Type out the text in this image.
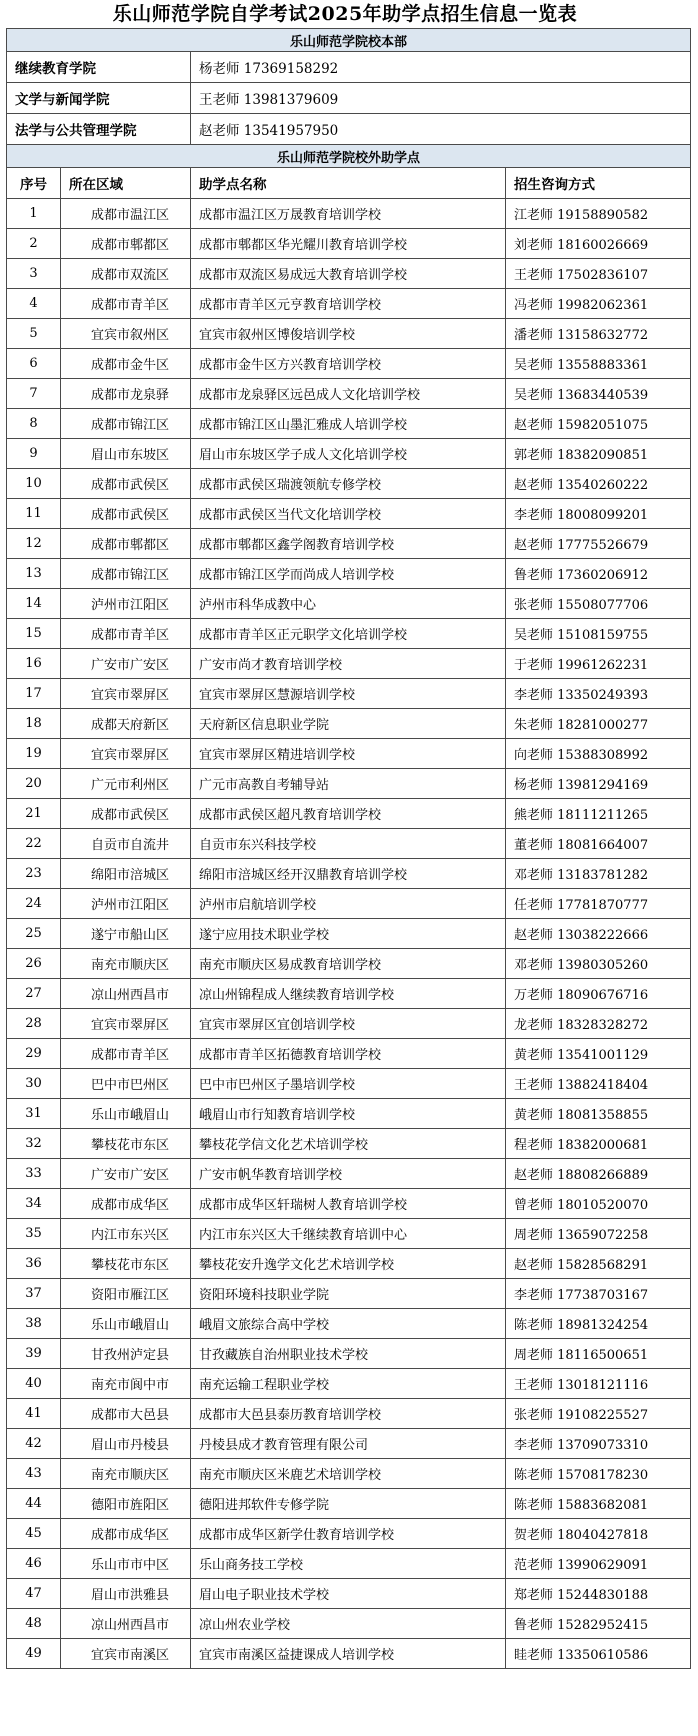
乐山师范学院自学考试2025年助学点招生信息一览表
乐山师范学院校本部	
继续教育学院	杨老师 17369158292
文学与新闻学院	王老师 13981379609
法学与公共管理学院	赵老师 13541957950
乐山师范学院校外助学点	
序号	所在区域	助学点名称	招生咨询方式
1	成都市温江区	成都市温江区万晟教育培训学校	江老师 19158890582
2	成都市郫都区	成都市郫都区华光耀川教育培训学校	刘老师 18160026669
3	成都市双流区	成都市双流区易成远大教育培训学校	王老师 17502836107
4	成都市青羊区	成都市青羊区元亨教育培训学校	冯老师 19982062361
5	宜宾市叙州区	宜宾市叙州区博俊培训学校	潘老师 13158632772
6	成都市金牛区	成都市金牛区方兴教育培训学校	吴老师 13558883361
7	成都市龙泉驿	成都市龙泉驿区远邑成人文化培训学校	吴老师 13683440539
8	成都市锦江区	成都市锦江区山墨汇雅成人培训学校	赵老师 15982051075
9	眉山市东坡区	眉山市东坡区学子成人文化培训学校	郭老师 18382090851
10	成都市武侯区	成都市武侯区瑞渡领航专修学校	赵老师 13540260222
11	成都市武侯区	成都市武侯区当代文化培训学校	李老师 18008099201
12	成都市郫都区	成都市郫都区鑫学阁教育培训学校	赵老师 17775526679
13	成都市锦江区	成都市锦江区学而尚成人培训学校	鲁老师 17360206912
14	泸州市江阳区	泸州市科华成教中心	张老师 15508077706
15	成都市青羊区	成都市青羊区正元职学文化培训学校	吴老师 15108159755
16	广安市广安区	广安市尚才教育培训学校	于老师 19961262231
17	宜宾市翠屏区	宜宾市翠屏区慧源培训学校	李老师 13350249393
18	成都天府新区	天府新区信息职业学院	朱老师 18281000277
19	宜宾市翠屏区	宜宾市翠屏区精进培训学校	向老师 15388308992
20	广元市利州区	广元市高教自考辅导站	杨老师 13981294169
21	成都市武侯区	成都市武侯区超凡教育培训学校	熊老师 18111211265
22	自贡市自流井	自贡市东兴科技学校	董老师 18081664007
23	绵阳市涪城区	绵阳市涪城区经开汉鼎教育培训学校	邓老师 13183781282
24	泸州市江阳区	泸州市启航培训学校	任老师 17781870777
25	遂宁市船山区	遂宁应用技术职业学校	赵老师 13038222666
26	南充市顺庆区	南充市顺庆区易成教育培训学校	邓老师 13980305260
27	凉山州西昌市	凉山州锦程成人继续教育培训学校	万老师 18090676716
28	宜宾市翠屏区	宜宾市翠屏区宜创培训学校	龙老师 18328328272
29	成都市青羊区	成都市青羊区拓德教育培训学校	黄老师 13541001129
30	巴中市巴州区	巴中市巴州区子墨培训学校	王老师 13882418404
31	乐山市峨眉山	峨眉山市行知教育培训学校	黄老师 18081358855
32	攀枝花市东区	攀枝花学信文化艺术培训学校	程老师 18382000681
33	广安市广安区	广安市帆华教育培训学校	赵老师 18808266889
34	成都市成华区	成都市成华区轩瑞树人教育培训学校	曾老师 18010520070
35	内江市东兴区	内江市东兴区大千继续教育培训中心	周老师 13659072258
36	攀枝花市东区	攀枝花安升逸学文化艺术培训学校	赵老师 15828568291
37	资阳市雁江区	资阳环境科技职业学院	李老师 17738703167
38	乐山市峨眉山	峨眉文旅综合高中学校	陈老师 18981324254
39	甘孜州泸定县	甘孜藏族自治州职业技术学校	周老师 18116500651
40	南充市阆中市	南充运输工程职业学校	王老师 13018121116
41	成都市大邑县	成都市大邑县泰历教育培训学校	张老师 19108225527
42	眉山市丹棱县	丹棱县成才教育管理有限公司	李老师 13709073310
43	南充市顺庆区	南充市顺庆区米鹿艺术培训学校	陈老师 15708178230
44	德阳市旌阳区	德阳进邦软件专修学院	陈老师 15883682081
45	成都市成华区	成都市成华区新学仕教育培训学校	贺老师 18040427818
46	乐山市市中区	乐山商务技工学校	范老师 13990629091
47	眉山市洪雅县	眉山电子职业技术学校	郑老师 15244830188
48	凉山州西昌市	凉山州农业学校	鲁老师 15282952415
49	宜宾市南溪区	宜宾市南溪区益捷课成人培训学校	眭老师 13350610586
